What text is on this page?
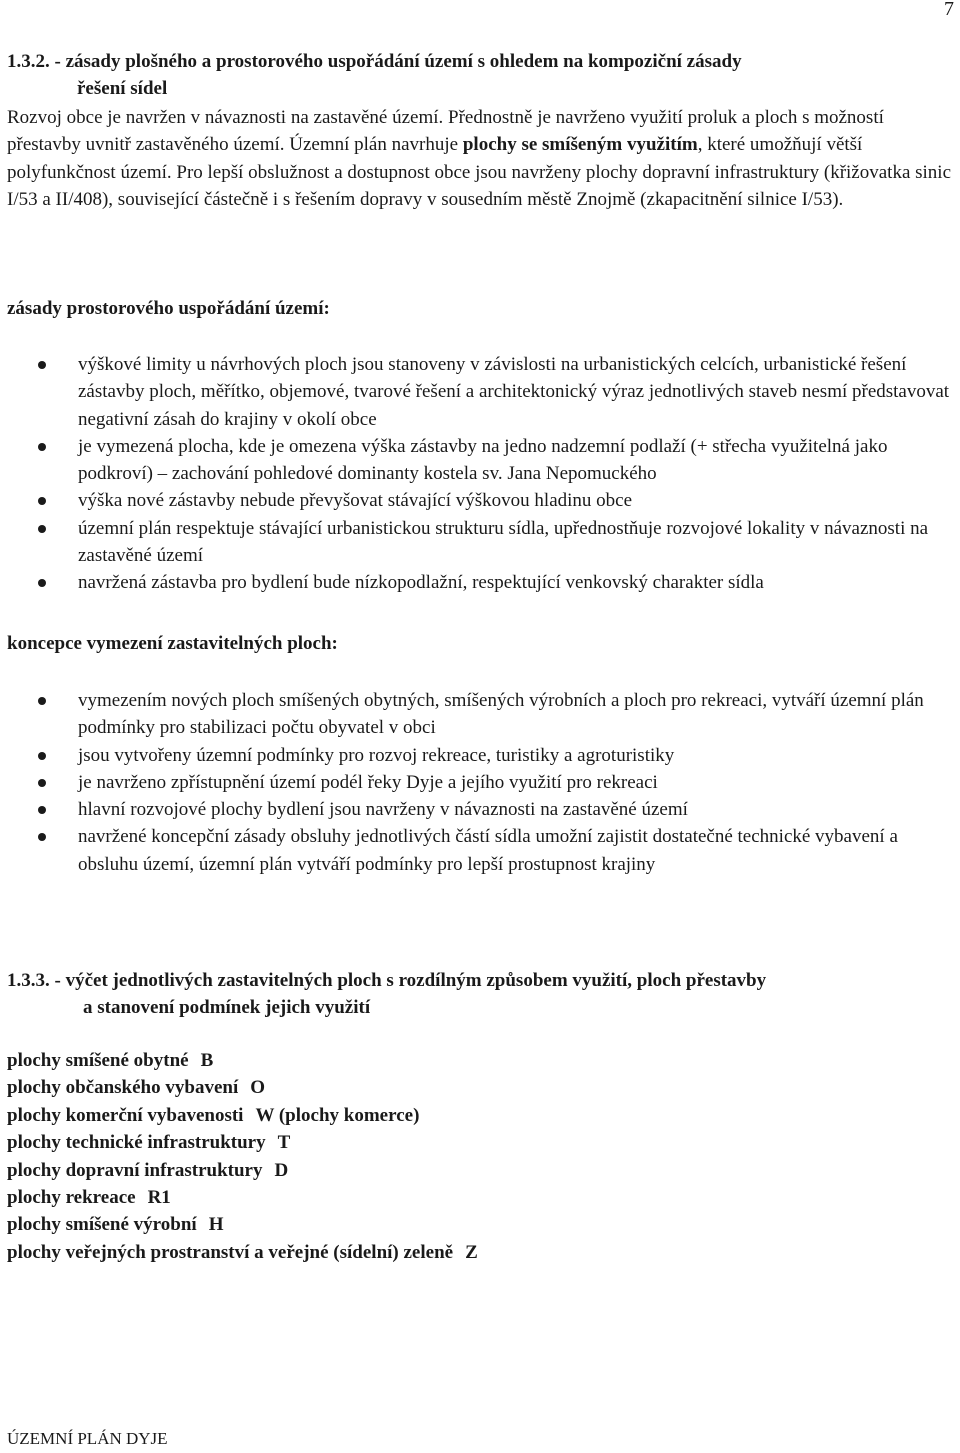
7
1.3.2. - zásady plošného a prostorového uspořádání území s ohledem na kompoziční zásady
řešení sídel
Rozvoj obce je navržen v návaznosti na zastavěné území. Přednostně je navrženo využití proluk a ploch s možností přestavby uvnitř zastavěného území. Územní plán navrhuje plochy se smíšeným využitím, které umožňují větší polyfunkčnost území. Pro lepší obslužnost a dostupnost obce jsou navrženy plochy dopravní infrastruktury (křižovatka sinic I/53 a II/408), související částečně i s řešením dopravy v sousedním městě Znojmě (zkapacitnění silnice I/53).
zásady prostorového uspořádání území:
výškové limity u návrhových ploch jsou stanoveny v závislosti na urbanistických celcích, urbanistické řešení zástavby ploch, měřítko, objemové, tvarové řešení a architektonický výraz jednotlivých staveb nesmí představovat negativní zásah do krajiny v okolí obce
je vymezená plocha, kde je omezena výška zástavby na jedno nadzemní podlaží (+ střecha využitelná jako podkroví) – zachování pohledové dominanty kostela sv. Jana Nepomuckého
výška nové zástavby nebude převyšovat stávající výškovou hladinu obce
územní plán respektuje stávající urbanistickou strukturu sídla, upřednostňuje rozvojové lokality v návaznosti na zastavěné území
navržená zástavba pro bydlení bude nízkopodlažní, respektující venkovský charakter sídla
koncepce vymezení zastavitelných ploch:
vymezením nových ploch smíšených obytných, smíšených výrobních a ploch pro rekreaci, vytváří územní plán podmínky pro stabilizaci počtu obyvatel v obci
jsou vytvořeny územní podmínky pro rozvoj rekreace, turistiky a agroturistiky
je navrženo zpřístupnění území podél řeky Dyje a jejího využití pro rekreaci
hlavní rozvojové plochy bydlení jsou navrženy v návaznosti na zastavěné území
navržené koncepční zásady obsluhy jednotlivých částí sídla umožní zajistit dostatečné technické vybavení a obsluhu území, územní plán vytváří podmínky pro lepší prostupnost krajiny
1.3.3. - výčet jednotlivých zastavitelných ploch s rozdílným způsobem využití, ploch přestavby
a stanovení podmínek jejich využití
plochy smíšené obytné B
plochy občanského vybavení O
plochy komerční vybavenosti W (plochy komerce)
plochy technické infrastruktury T
plochy dopravní infrastruktury D
plochy rekreace R1
plochy smíšené výrobní H
plochy veřejných prostranství a veřejné (sídelní) zeleně Z
ÚZEMNÍ PLÁN DYJE
